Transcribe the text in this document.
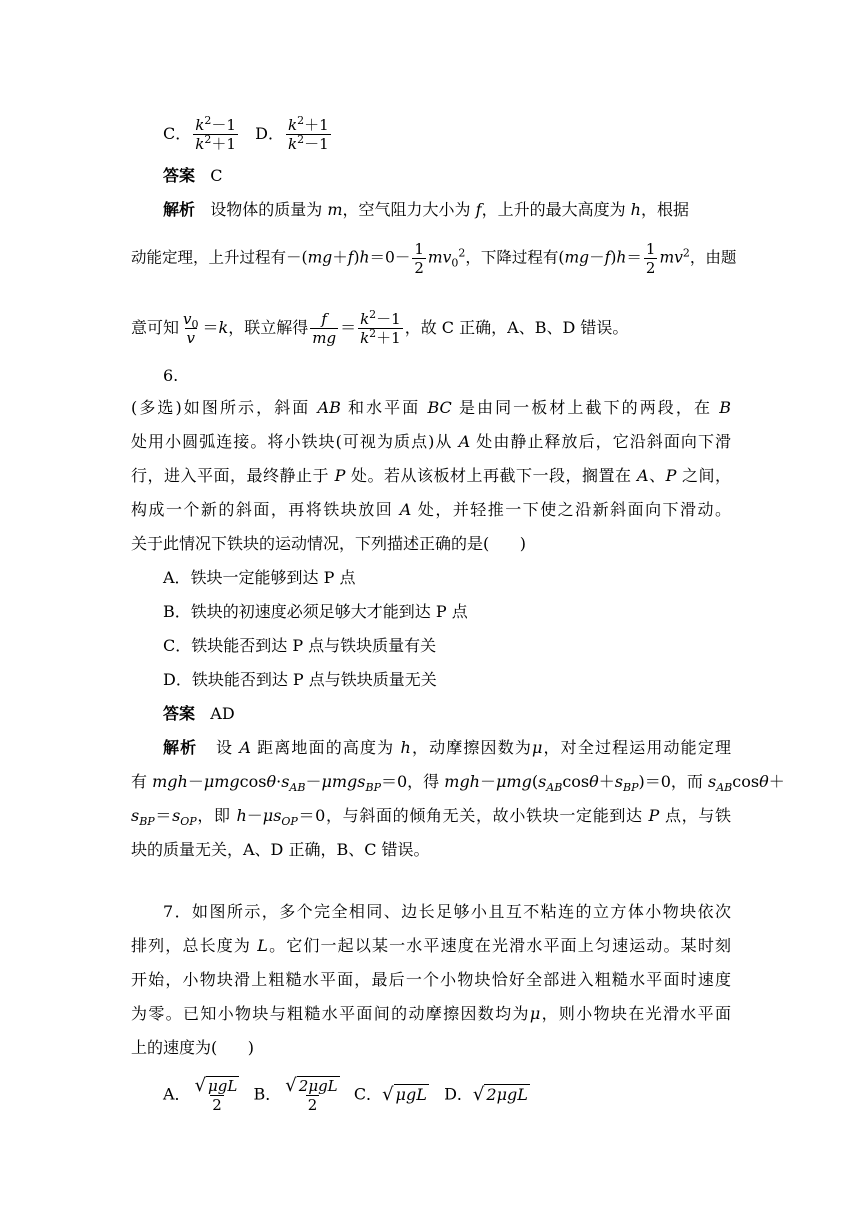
C． $\frac{k^2-1}{k^2+1}$ D． $\frac{k^2+1}{k^2-1}$
答案 C
解析   设物体的质量为 m，空气阻力大小为 f，上升的最大高度为 h，根据
动能定理，上升过程有$-(mg+f)h=0- \frac{1}{2} mv_0^2$，下降过程有$(mg-f)h= \frac{1}{2} mv^2$，由题
意可知 $\frac{v_0}{v} =k$，联立解得 $\frac{f}{mg} = \frac{k^2-1}{k^2+1}$ ，故 C 正确，A、B、D 错误。
6.
(多选)如图所示，斜面 AB 和水平面 BC 是由同一板材上截下的两段，在 B
处用小圆弧连接。将小铁块(可视为质点)从 A 处由静止释放后，它沿斜面向下滑
行，进入平面，最终静止于 P 处。若从该板材上再截下一段，搁置在 A、P 之间，
构成一个新的斜面，再将铁块放回 A 处，并轻推一下使之沿新斜面向下滑动。
关于此情况下铁块的运动情况，下列描述正确的是(      )
A．铁块一定能够到达 P 点
B．铁块的初速度必须足够大才能到达 P 点
C．铁块能否到达 P 点与铁块质量有关
D．铁块能否到达 P 点与铁块质量无关
答案 AD
解析   设 A 距离地面的高度为 h，动摩擦因数为μ，对全过程运用动能定理
有 $mgh-\mu mgcos\theta\cdot s_{AB}-\mu mgs_{BP}=0$，得 $mgh-\mu mg(s_{AB}\cos\theta+s_{BP})=0$，而 $s_{AB}\cos\theta+$
$s_{BP}=s_{OP}$，即 $h-\mu s_{OP}=0$，与斜面的倾角无关，故小铁块一定能到达 P 点，与铁
块的质量无关，A、D 正确，B、C 错误。
7．如图所示，多个完全相同、边长足够小且互不粘连的立方体小物块依次
排列，总长度为 L。它们一起以某一水平速度在光滑水平面上匀速运动。某时刻
开始，小物块滑上粗糙水平面，最后一个小物块恰好全部进入粗糙水平面时速度
为零。已知小物块与粗糙水平面间的动摩擦因数均为μ，则小物块在光滑水平面
上的速度为(      )
A． $\frac{\text{√ μgL}}{2}$ B． $\frac{\text{√ 2μgL}}{2}$ C．√ μgL D．√ 2μgL
